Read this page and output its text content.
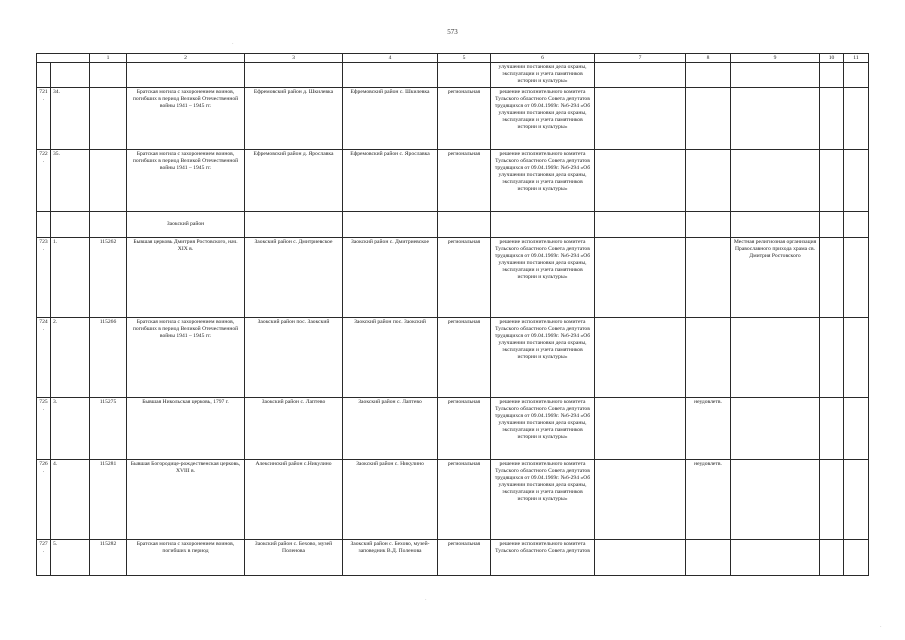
573
		1	2	3	4	5	6	7	8	9	10	11
							улучшении постановки дела охраны, эксплуатации и учета памятников истории и культуры»					
721.	34.		Братская могила с захоронением воинов, погибших в период Великой Отечественной войны 1941 – 1945 гг.	Ефремовский район д. Шкилевка	Ефремовский район с. Шкилевка	региональная	решение исполнительного комитета Тульского областного Совета депутатов трудящихся от 09.04.1969г. №6-294 «Об улучшении постановки дела охраны, эксплуатации и учета памятников истории и культуры»					
722.	35.		Братская могила с захоронением воинов, погибших в период Великой Отечественной войны 1941 – 1945 гг.	Ефремовский район д. Ярославка	Ефремовский район с. Ярославка	региональная	решение исполнительного комитета Тульского областного Совета депутатов трудящихся от 09.04.1969г. №6-294 «Об улучшении постановки дела охраны, эксплуатации и учета памятников истории и культуры»					
			Заокский район									
723.	1.	115262	Бывшая церковь Дмитрия Ростовского, нач. XIX в.	Заокский район с. Дмитриевское	Заокский район с. Дмитриевское	региональная	решение исполнительного комитета Тульского областного Совета депутатов трудящихся от 09.04.1969г. №6-294 «Об улучшении постановки дела охраны, эксплуатации и учета памятников истории и культуры»			Местная религиозная организация Православного прихода храма св. Дмитрия Ростовского		
724.	2.	115266	Братская могила с захоронением воинов, погибших в период Великой Отечественной войны 1941 – 1945 гг.	Заокский район пос. Заокский	Заокский район пос. Заокский	региональная	решение исполнительного комитета Тульского областного Совета депутатов трудящихся от 09.04.1969г. №6-294 «Об улучшении постановки дела охраны, эксплуатации и учета памятников истории и культуры»					
725.	3.	115275	Бывшая Никольская церковь, 1797 г.	Заокский район с. Лаптево	Заокский район с. Лаптево	региональная	решение исполнительного комитета Тульского областного Совета депутатов трудящихся от 09.04.1969г. №6-294 «Об улучшении постановки дела охраны, эксплуатации и учета памятников истории и культуры»		неудовлетв.			
726.	4.	115281	Бывшая Богородице-рождественская церковь, XVIII в.	Алексинский район с.Никулино	Заокский район с. Никулино	региональная	решение исполнительного комитета Тульского областного Совета депутатов трудящихся от 09.04.1969г. №6-294 «Об улучшении постановки дела охраны, эксплуатации и учета памятников истории и культуры»		неудовлетв.			
727.	5.	115282	Братская могила с захоронением воинов, погибших в период	Заокский район с. Бехово, музей Поленова	Заокский район с. Бехово, музей-заповедник В.Д. Поленова	региональная	решение исполнительного комитета Тульского областного Совета депутатов					
·
·
·
